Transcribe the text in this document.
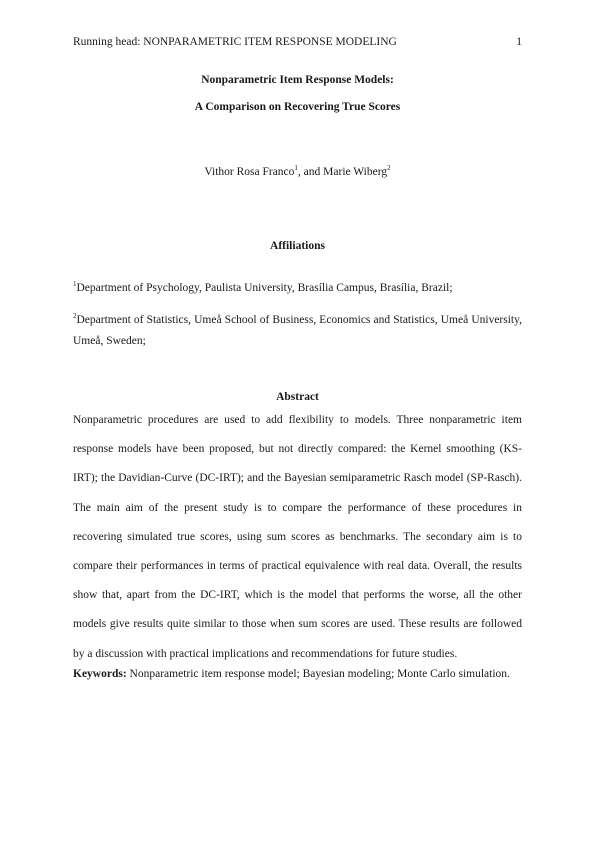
Running head: NONPARAMETRIC ITEM RESPONSE MODELING	1
Nonparametric Item Response Models:
A Comparison on Recovering True Scores
Vithor Rosa Franco$^1$, and Marie Wiberg$^2$
Affiliations
$^1$Department of Psychology, Paulista University, Brasília Campus, Brasília, Brazil;
$^2$Department of Statistics, Umeå School of Business, Economics and Statistics, Umeå University, Umeå, Sweden;
Abstract
Nonparametric procedures are used to add flexibility to models. Three nonparametric item response models have been proposed, but not directly compared: the Kernel smoothing (KS-IRT); the Davidian-Curve (DC-IRT); and the Bayesian semiparametric Rasch model (SP-Rasch). The main aim of the present study is to compare the performance of these procedures in recovering simulated true scores, using sum scores as benchmarks. The secondary aim is to compare their performances in terms of practical equivalence with real data. Overall, the results show that, apart from the DC-IRT, which is the model that performs the worse, all the other models give results quite similar to those when sum scores are used. These results are followed by a discussion with practical implications and recommendations for future studies.
Keywords: Nonparametric item response model; Bayesian modeling; Monte Carlo simulation.
